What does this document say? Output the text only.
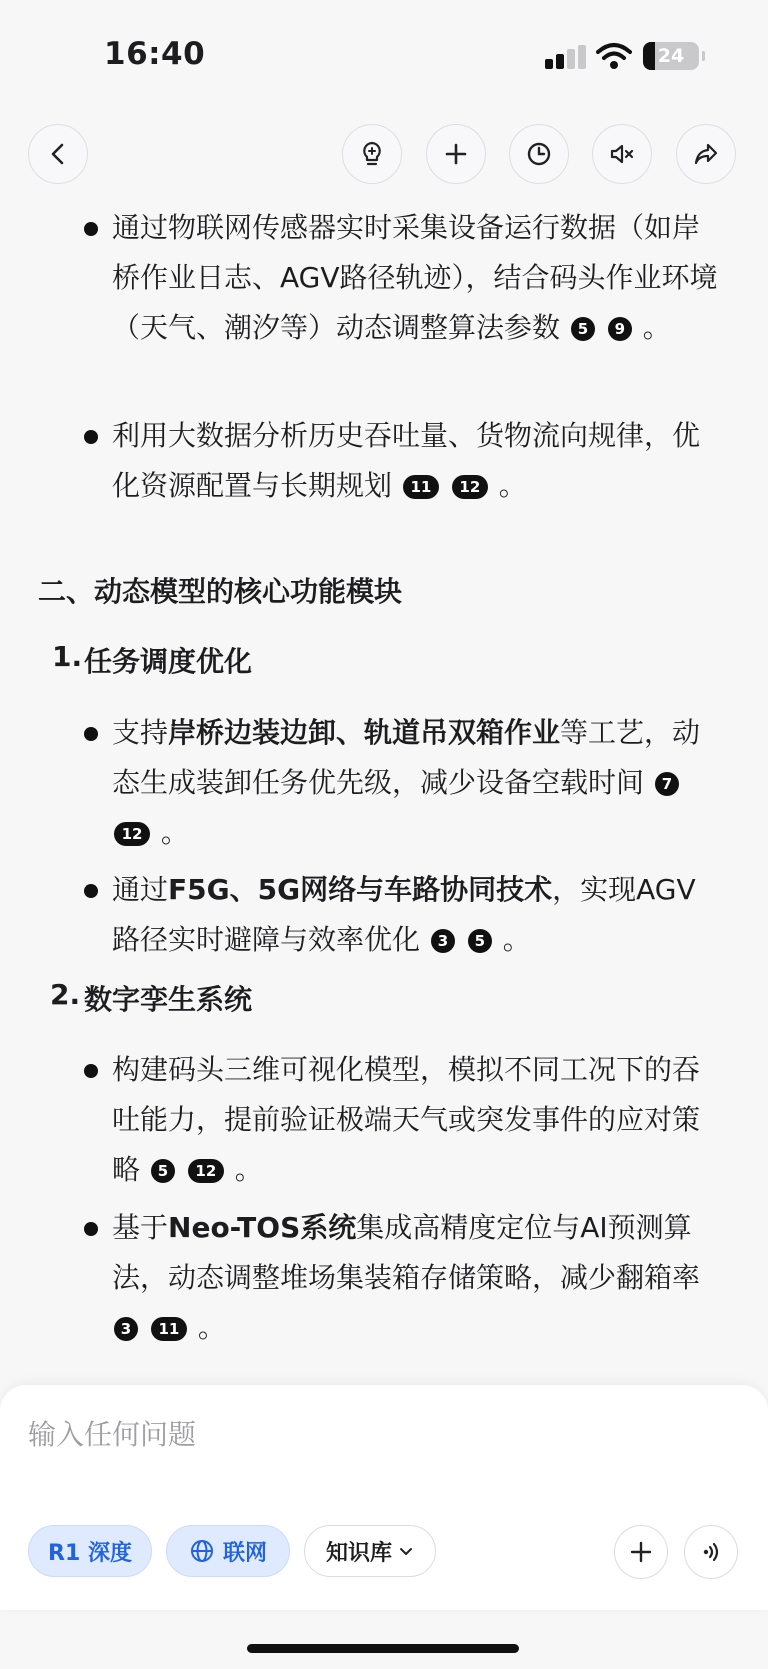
16:40	24
通过物联网传感器实时采集设备运行数据（如岸桥作业日志、AGV路径轨迹），结合码头作业环境（天气、潮汐等）动态调整算法参数 5 9 。
利用大数据分析历史吞吐量、货物流向规律，优化资源配置与长期规划 11 12 。
二、动态模型的核心功能模块
1. 任务调度优化
支持岸桥边装边卸、轨道吊双箱作业等工艺，动态生成装卸任务优先级，减少设备空载时间 7 12 。
通过F5G、5G网络与车路协同技术，实现AGV路径实时避障与效率优化 3 5 。
2. 数字孪生系统
构建码头三维可视化模型，模拟不同工况下的吞吐能力，提前验证极端天气或突发事件的应对策略 5 12 。
基于Neo-TOS系统集成高精度定位与AI预测算法，动态调整堆场集装箱存储策略，减少翻箱率 3 11 。
输入任何问题
R1 深度	联网	知识库
